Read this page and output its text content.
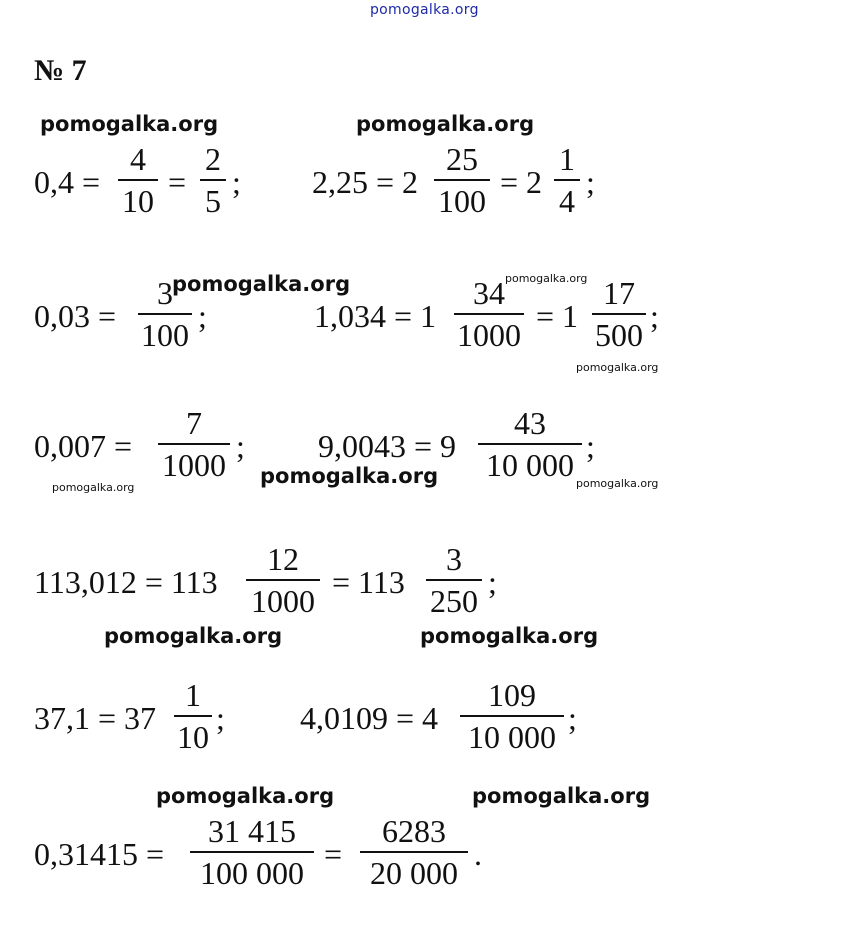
pomogalka.org
№ 7
pomogalka.org	pomogalka.org
pomogalka.org	pomogalka.org
pomogalka.org
pomogalka.org
pomogalka.org	pomogalka.org
pomogalka.org	pomogalka.org
pomogalka.org	pomogalka.org
0,4 =
4
10
=
2
5
; 2,25 = 2
25
100
= 2
1
4
;
0,03 =
3
100
;	1,034 = 1
34
1000
= 1
17
500
;
0,007 =
7
1000
; 9,0043 = 9
43
10 000
;
113,012 = 113
12
1000
= 113
3
250
;
37,1 = 37
1
10
; 4,0109 = 4
109
10 000
;
0,31415 =
31 415
100 000
=
6283
20 000
.
